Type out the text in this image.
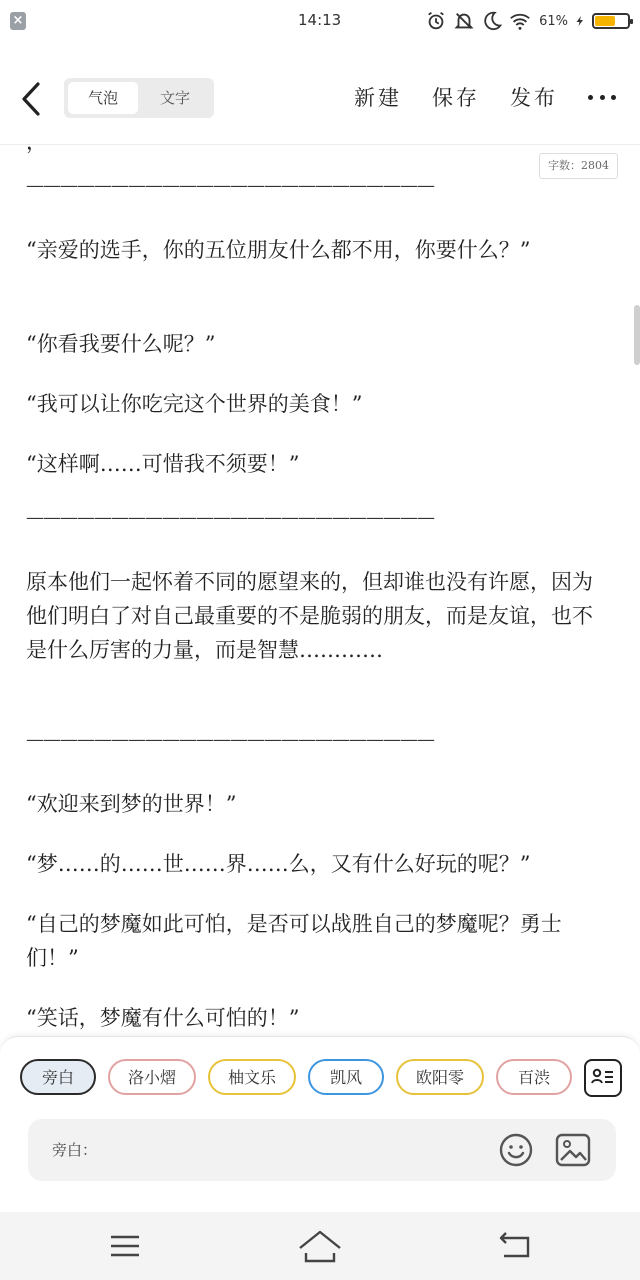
×	14:13	61%
气泡	文字	新建 保存 发布
，
字数：2804
————————————————————————

“亲爱的选手，你的五位朋友什么都不用，你要什么？”

“你看我要什么呢？”

“我可以让你吃完这个世界的美食！”

“这样啊……可惜我不须要！”

————————————————————————

原本他们一起怀着不同的愿望来的，但却谁也没有许愿，因为他们明白了对自己最重要的不是脆弱的朋友，而是友谊，也不是什么厉害的力量，而是智慧…………

————————————————————————

“欢迎来到梦的世界！”

“梦……的……世……界……么，又有什么好玩的呢？”

“自己的梦魔如此可怕，是否可以战胜自己的梦魔呢？勇士们！”

“笑话，梦魔有什么可怕的！”

旁白	洛小熠	柚文乐	凯风	欧阳零	百渋
旁白：
